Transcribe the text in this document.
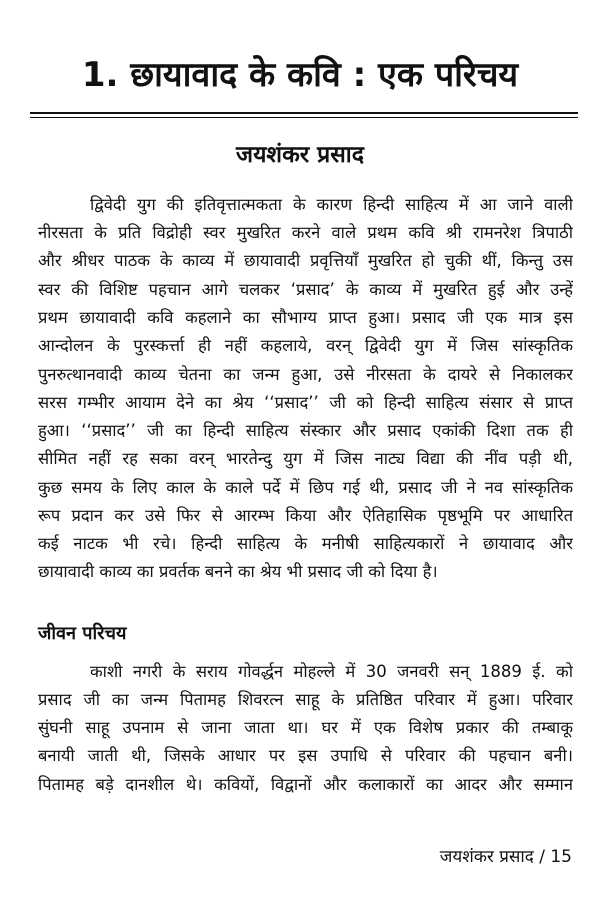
1. छायावाद के कवि : एक परिचय
जयशंकर प्रसाद
द्विवेदी युग की इतिवृत्तात्मकता के कारण हिन्दी साहित्य में आ जाने वाली
नीरसता के प्रति विद्रोही स्वर मुखरित करने वाले प्रथम कवि श्री रामनरेश त्रिपाठी
और श्रीधर पाठक के काव्य में छायावादी प्रवृत्तियाँ मुखरित हो चुकी थीं, किन्तु उस
स्वर की विशिष्ट पहचान आगे चलकर ‘प्रसाद’ के काव्य में मुखरित हुई और उन्हें
प्रथम छायावादी कवि कहलाने का सौभाग्य प्राप्त हुआ। प्रसाद जी एक मात्र इस
आन्दोलन के पुरस्कर्त्ता ही नहीं कहलाये, वरन् द्विवेदी युग में जिस सांस्कृतिक
पुनरुत्थानवादी काव्य चेतना का जन्म हुआ, उसे नीरसता के दायरे से निकालकर
सरस गम्भीर आयाम देने का श्रेय ‘‘प्रसाद’’ जी को हिन्दी साहित्य संसार से प्राप्त
हुआ। ‘‘प्रसाद’’ जी का हिन्दी साहित्य संस्कार और प्रसाद एकांकी दिशा तक ही
सीमित नहीं रह सका वरन् भारतेन्दु युग में जिस नाट्य विद्या की नींव पड़ी थी,
कुछ समय के लिए काल के काले पर्दे में छिप गई थी, प्रसाद जी ने नव सांस्कृतिक
रूप प्रदान कर उसे फिर से आरम्भ किया और ऐतिहासिक पृष्ठभूमि पर आधारित
कई नाटक भी रचे। हिन्दी साहित्य के मनीषी साहित्यकारों ने छायावाद और
छायावादी काव्य का प्रवर्तक बनने का श्रेय भी प्रसाद जी को दिया है।
जीवन परिचय
काशी नगरी के सराय गोवर्द्धन मोहल्ले में 30 जनवरी सन् 1889 ई. को
प्रसाद जी का जन्म पितामह शिवरत्न साहू के प्रतिष्ठित परिवार में हुआ। परिवार
सुंघनी साहू उपनाम से जाना जाता था। घर में एक विशेष प्रकार की तम्बाकू
बनायी जाती थी, जिसके आधार पर इस उपाधि से परिवार की पहचान बनी।
पितामह बड़े दानशील थे। कवियों, विद्वानों और कलाकारों का आदर और सम्मान
जयशंकर प्रसाद / 15
